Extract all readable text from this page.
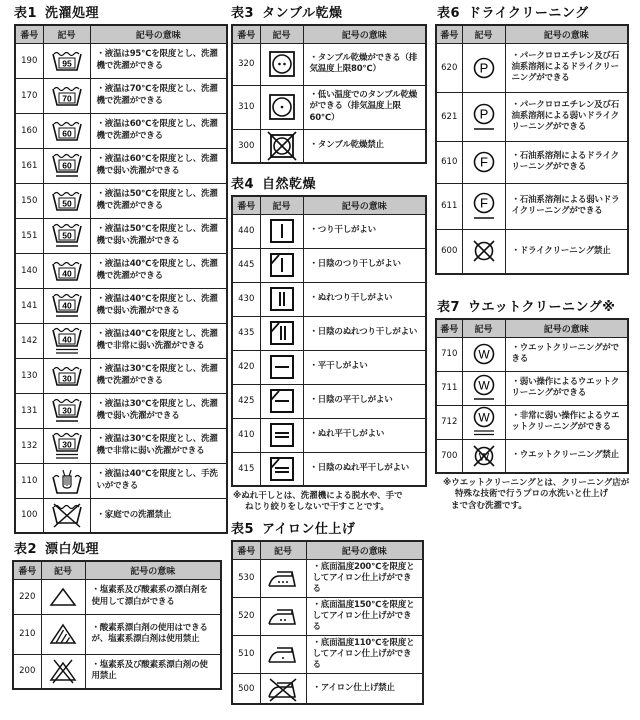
表1 洗濯処理
番号	記号	記号の意味
190	95	・液温は95℃を限度とし、洗濯機で洗濯ができる
170	70	・液温は70℃を限度とし、洗濯機で洗濯ができる
160	60	・液温は60℃を限度とし、洗濯機で洗濯ができる
161	60	・液温は60℃を限度とし、洗濯機で弱い洗濯ができる
150	50	・液温は50℃を限度とし、洗濯機で洗濯ができる
151	50	・液温は50℃を限度とし、洗濯機で弱い洗濯ができる
140	40	・液温は40℃を限度とし、洗濯機で洗濯ができる
141	40	・液温は40℃を限度とし、洗濯機で弱い洗濯ができる
142	40	・液温は40℃を限度とし、洗濯機で非常に弱い洗濯ができる
130	30	・液温は30℃を限度とし、洗濯機で洗濯ができる
131	30	・液温は30℃を限度とし、洗濯機で弱い洗濯ができる
132	30	・液温は30℃を限度とし、洗濯機で非常に弱い洗濯ができる
110		・液温は40℃を限度とし、手洗いができる
100		・家庭での洗濯禁止
表2 漂白処理
番号	記号	記号の意味
220		・塩素系及び酸素系の漂白剤を使用して漂白ができる
210		・酸素系漂白剤の使用はできるが、塩素系漂白剤は使用禁止
200		・塩素系及び酸素系漂白剤の使用禁止
表3 タンブル乾燥
番号	記号	記号の意味
320		・タンブル乾燥ができる（排気温度上限80℃）
310		・低い温度でのタンブル乾燥ができる（排気温度上限60℃）
300		・タンブル乾燥禁止
表4 自然乾燥
番号	記号	記号の意味
440		・つり干しがよい
445		・日陰のつり干しがよい
430		・ぬれつり干しがよい
435		・日陰のぬれつり干しがよい
420		・平干しがよい
425		・日陰の平干しがよい
410		・ぬれ平干しがよい
415		・日陰のぬれ平干しがよい
※ぬれ干しとは、洗濯機による脱水や、手で
ねじり絞りをしないで干すことです。
表5 アイロン仕上げ
番号	記号	記号の意味
530		・底面温度200℃を限度としてアイロン仕上げができる
520		・底面温度150℃を限度としてアイロン仕上げができる
510		・底面温度110℃を限度としてアイロン仕上げができる
500		・アイロン仕上げ禁止
表6 ドライクリーニング
番号	記号	記号の意味
620	P	・パークロロエチレン及び石油系溶剤によるドライクリーニングができる
621	P	・パークロロエチレン及び石油系溶剤による弱いドライクリーニングができる
610	F	・石油系溶剤によるドライクリーニングができる
611	F	・石油系溶剤による弱いドライクリーニングができる
600		・ドライクリーニング禁止
表7 ウエットクリーニング※
番号	記号	記号の意味
710	W	・ウエットクリーニングができる
711	W	・弱い操作によるウエットクリーニングができる
712	W	・非常に弱い操作によるウエットクリーニングができる
700	W	・ウエットクリーニング禁止
※ウエットクリーニングとは、クリーニング店が
特殊な技術で行うプロの水洗いと仕上げ
まで含む洗濯です。
